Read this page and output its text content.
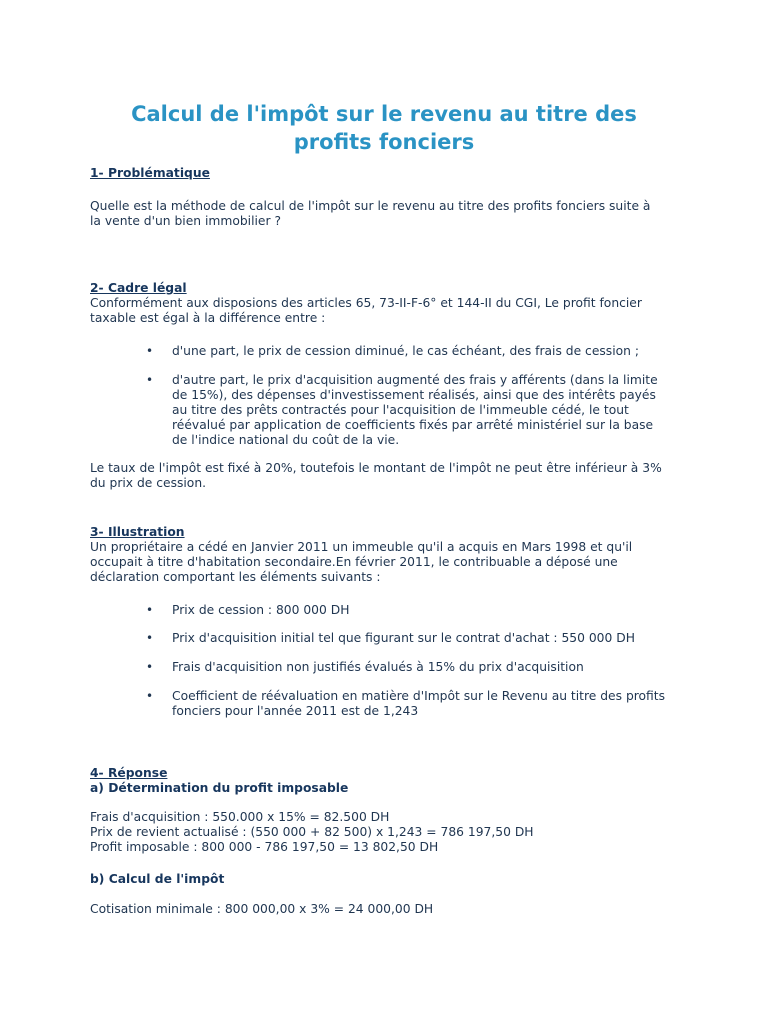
Calcul de l'impôt sur le revenu au titre des
profits fonciers
1- Problématique
Quelle est la méthode de calcul de l'impôt sur le revenu au titre des profits fonciers suite à
la vente d'un bien immobilier ?
2- Cadre légal
Conformément aux disposions des articles 65, 73-II-F-6° et 144-II du CGI, Le profit foncier
taxable est égal à la différence entre :
• d'une part, le prix de cession diminué, le cas échéant, des frais de cession ;
• d'autre part, le prix d'acquisition augmenté des frais y afférents (dans la limite
de 15%), des dépenses d'investissement réalisés, ainsi que des intérêts payés
au titre des prêts contractés pour l'acquisition de l'immeuble cédé, le tout
réévalué par application de coefficients fixés par arrêté ministériel sur la base
de l'indice national du coût de la vie.
Le taux de l'impôt est fixé à 20%, toutefois le montant de l'impôt ne peut être inférieur à 3%
du prix de cession.
3- Illustration
Un propriétaire a cédé en Janvier 2011 un immeuble qu'il a acquis en Mars 1998 et qu'il
occupait à titre d'habitation secondaire.En février 2011, le contribuable a déposé une
déclaration comportant les éléments suivants :
• Prix de cession : 800 000 DH
• Prix d'acquisition initial tel que figurant sur le contrat d'achat : 550 000 DH
• Frais d'acquisition non justifiés évalués à 15% du prix d'acquisition
• Coefficient de réévaluation en matière d'Impôt sur le Revenu au titre des profits
fonciers pour l'année 2011 est de 1,243
4- Réponse
a) Détermination du profit imposable
Frais d'acquisition : 550.000 x 15% = 82.500 DH
Prix de revient actualisé : (550 000 + 82 500) x 1,243 = 786 197,50 DH
Profit imposable : 800 000 - 786 197,50 = 13 802,50 DH
b) Calcul de l'impôt
Cotisation minimale : 800 000,00 x 3% = 24 000,00 DH
